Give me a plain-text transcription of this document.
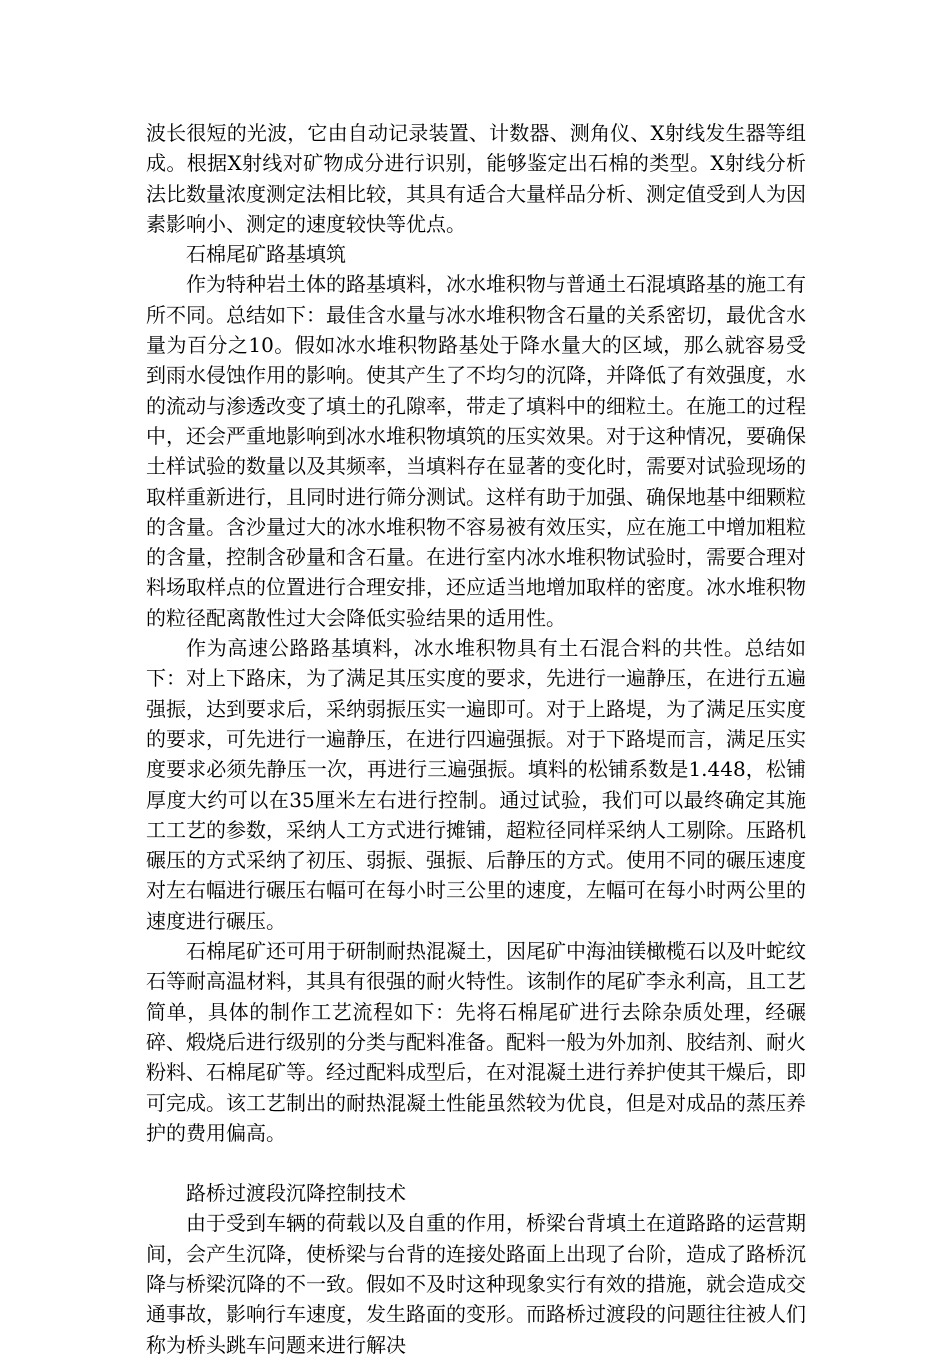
波长很短的光波，它由自动记录装置、计数器、测角仪、X射线发生器等组成。根据X射线对矿物成分进行识别，能够鉴定出石棉的类型。X射线分析法比数量浓度测定法相比较，其具有适合大量样品分析、测定值受到人为因素影响小、测定的速度较快等优点。

石棉尾矿路基填筑

作为特种岩土体的路基填料，冰水堆积物与普通土石混填路基的施工有所不同。总结如下：最佳含水量与冰水堆积物含石量的关系密切，最优含水量为百分之10。假如冰水堆积物路基处于降水量大的区域，那么就容易受到雨水侵蚀作用的影响。使其产生了不均匀的沉降，并降低了有效强度，水的流动与渗透改变了填土的孔隙率，带走了填料中的细粒土。在施工的过程中，还会严重地影响到冰水堆积物填筑的压实效果。对于这种情况，要确保土样试验的数量以及其频率，当填料存在显著的变化时，需要对试验现场的取样重新进行，且同时进行筛分测试。这样有助于加强、确保地基中细颗粒的含量。含沙量过大的冰水堆积物不容易被有效压实，应在施工中增加粗粒的含量，控制含砂量和含石量。在进行室内冰水堆积物试验时，需要合理对料场取样点的位置进行合理安排，还应适当地增加取样的密度。冰水堆积物的粒径配离散性过大会降低实验结果的适用性。

作为高速公路路基填料，冰水堆积物具有土石混合料的共性。总结如下：对上下路床，为了满足其压实度的要求，先进行一遍静压，在进行五遍强振，达到要求后，采纳弱振压实一遍即可。对于上路堤，为了满足压实度的要求，可先进行一遍静压，在进行四遍强振。对于下路堤而言，满足压实度要求必须先静压一次，再进行三遍强振。填料的松铺系数是1.448，松铺厚度大约可以在35厘米左右进行控制。通过试验，我们可以最终确定其施工工艺的参数，采纳人工方式进行摊铺，超粒径同样采纳人工剔除。压路机碾压的方式采纳了初压、弱振、强振、后静压的方式。使用不同的碾压速度对左右幅进行碾压右幅可在每小时三公里的速度，左幅可在每小时两公里的速度进行碾压。

石棉尾矿还可用于研制耐热混凝土，因尾矿中海油镁橄榄石以及叶蛇纹石等耐高温材料，其具有很强的耐火特性。该制作的尾矿李永利高，且工艺简单，具体的制作工艺流程如下：先将石棉尾矿进行去除杂质处理，经碾碎、煅烧后进行级别的分类与配料准备。配料一般为外加剂、胶结剂、耐火粉料、石棉尾矿等。经过配料成型后，在对混凝土进行养护使其干燥后，即可完成。该工艺制出的耐热混凝土性能虽然较为优良，但是对成品的蒸压养护的费用偏高。

路桥过渡段沉降控制技术

由于受到车辆的荷载以及自重的作用，桥梁台背填土在道路路的运营期间，会产生沉降，使桥梁与台背的连接处路面上出现了台阶，造成了路桥沉降与桥梁沉降的不一致。假如不及时这种现象实行有效的措施，就会造成交通事故，影响行车速度，发生路面的变形。而路桥过渡段的问题往往被人们称为桥头跳车问题来进行解决
